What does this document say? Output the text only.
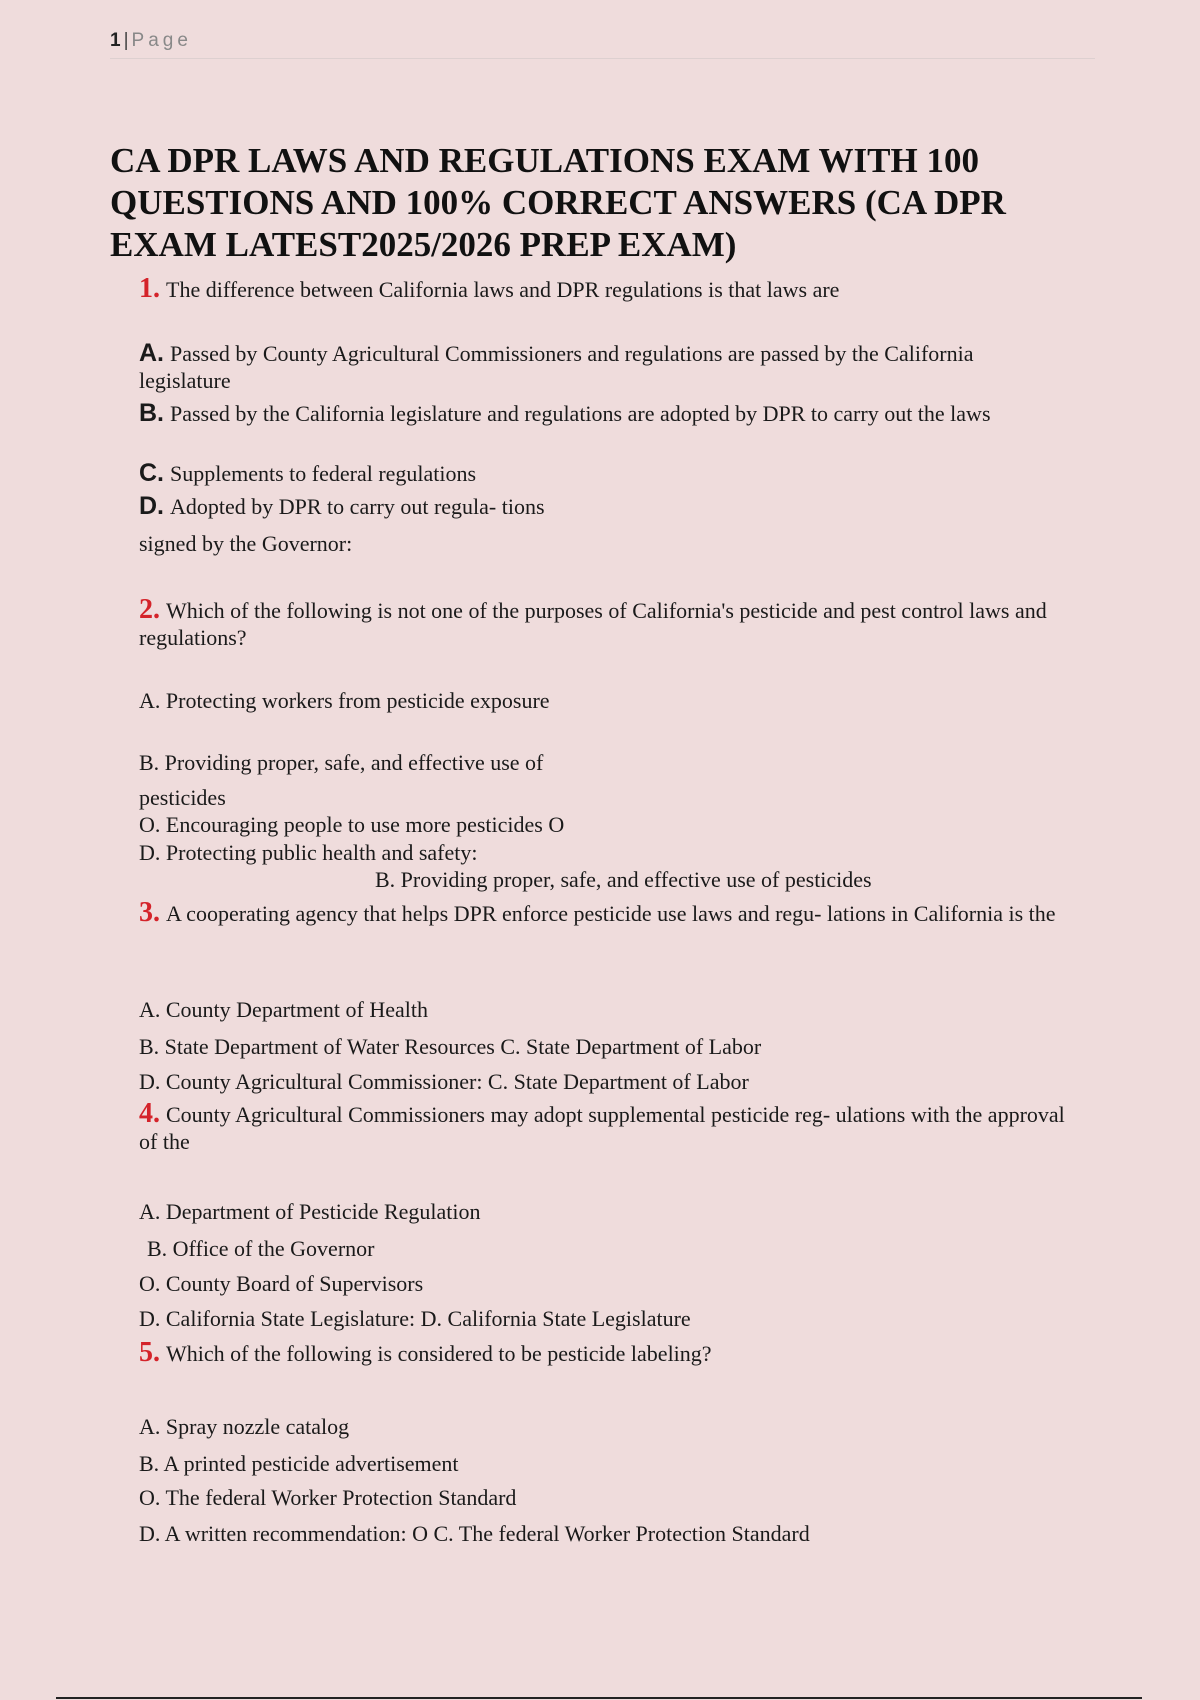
1 | Page
CA DPR LAWS AND REGULATIONS EXAM WITH 100 QUESTIONS AND 100% CORRECT ANSWERS (CA DPR EXAM LATEST2025/2026 PREP EXAM)
1. The difference between California laws and DPR regulations is that laws are
A. Passed by County Agricultural Commissioners and regulations are passed by the California legislature
B. Passed by the California legislature and regulations are adopted by DPR to carry out the laws
C. Supplements to federal regulations
D. Adopted by DPR to carry out regula- tions
signed by the Governor:
2. Which of the following is not one of the purposes of California's pesticide and pest control laws and regulations?
A. Protecting workers from pesticide exposure
B. Providing proper, safe, and effective use of
pesticides
O. Encouraging people to use more pesticides O
D. Protecting public health and safety:
B. Providing proper, safe, and effective use of pesticides
3. A cooperating agency that helps DPR enforce pesticide use laws and regu- lations in California is the
A. County Department of Health
B. State Department of Water Resources C. State Department of Labor
D. County Agricultural Commissioner: C. State Department of Labor
4. County Agricultural Commissioners may adopt supplemental pesticide reg- ulations with the approval of the
A. Department of Pesticide Regulation
B. Office of the Governor
O. County Board of Supervisors
D. California State Legislature: D. California State Legislature
5. Which of the following is considered to be pesticide labeling?
A. Spray nozzle catalog
B. A printed pesticide advertisement
O. The federal Worker Protection Standard
D. A written recommendation: O C. The federal Worker Protection Standard
